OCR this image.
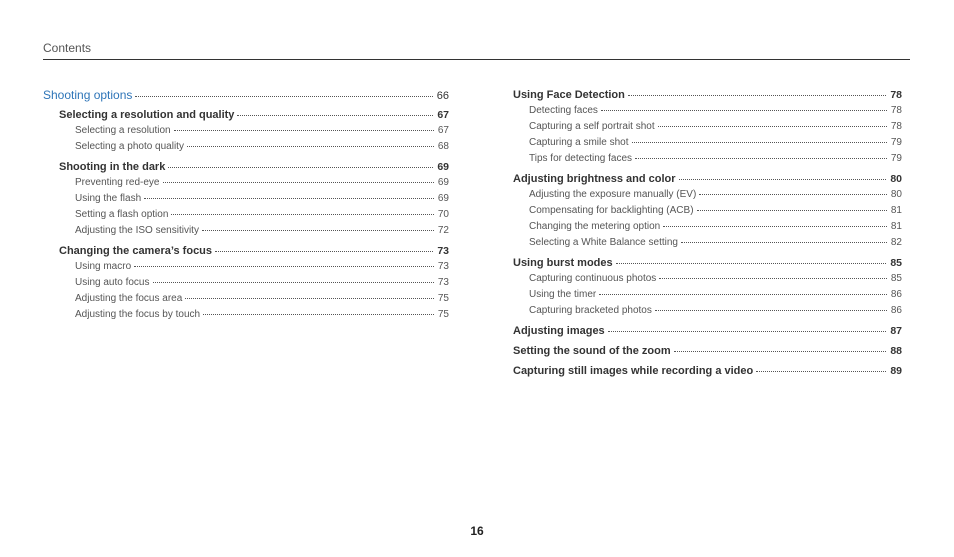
Contents
Shooting options	66
Selecting a resolution and quality	67
Selecting a resolution	67
Selecting a photo quality	68
Shooting in the dark	69
Preventing red-eye	69
Using the flash	69
Setting a flash option	70
Adjusting the ISO sensitivity	72
Changing the camera’s focus	73
Using macro	73
Using auto focus	73
Adjusting the focus area	75
Adjusting the focus by touch	75
Using Face Detection	78
Detecting faces	78
Capturing a self portrait shot	78
Capturing a smile shot	79
Tips for detecting faces	79
Adjusting brightness and color	80
Adjusting the exposure manually (EV)	80
Compensating for backlighting (ACB)	81
Changing the metering option	81
Selecting a White Balance setting	82
Using burst modes	85
Capturing continuous photos	85
Using the timer	86
Capturing bracketed photos	86
Adjusting images	87
Setting the sound of the zoom	88
Capturing still images while recording a video	89
16
